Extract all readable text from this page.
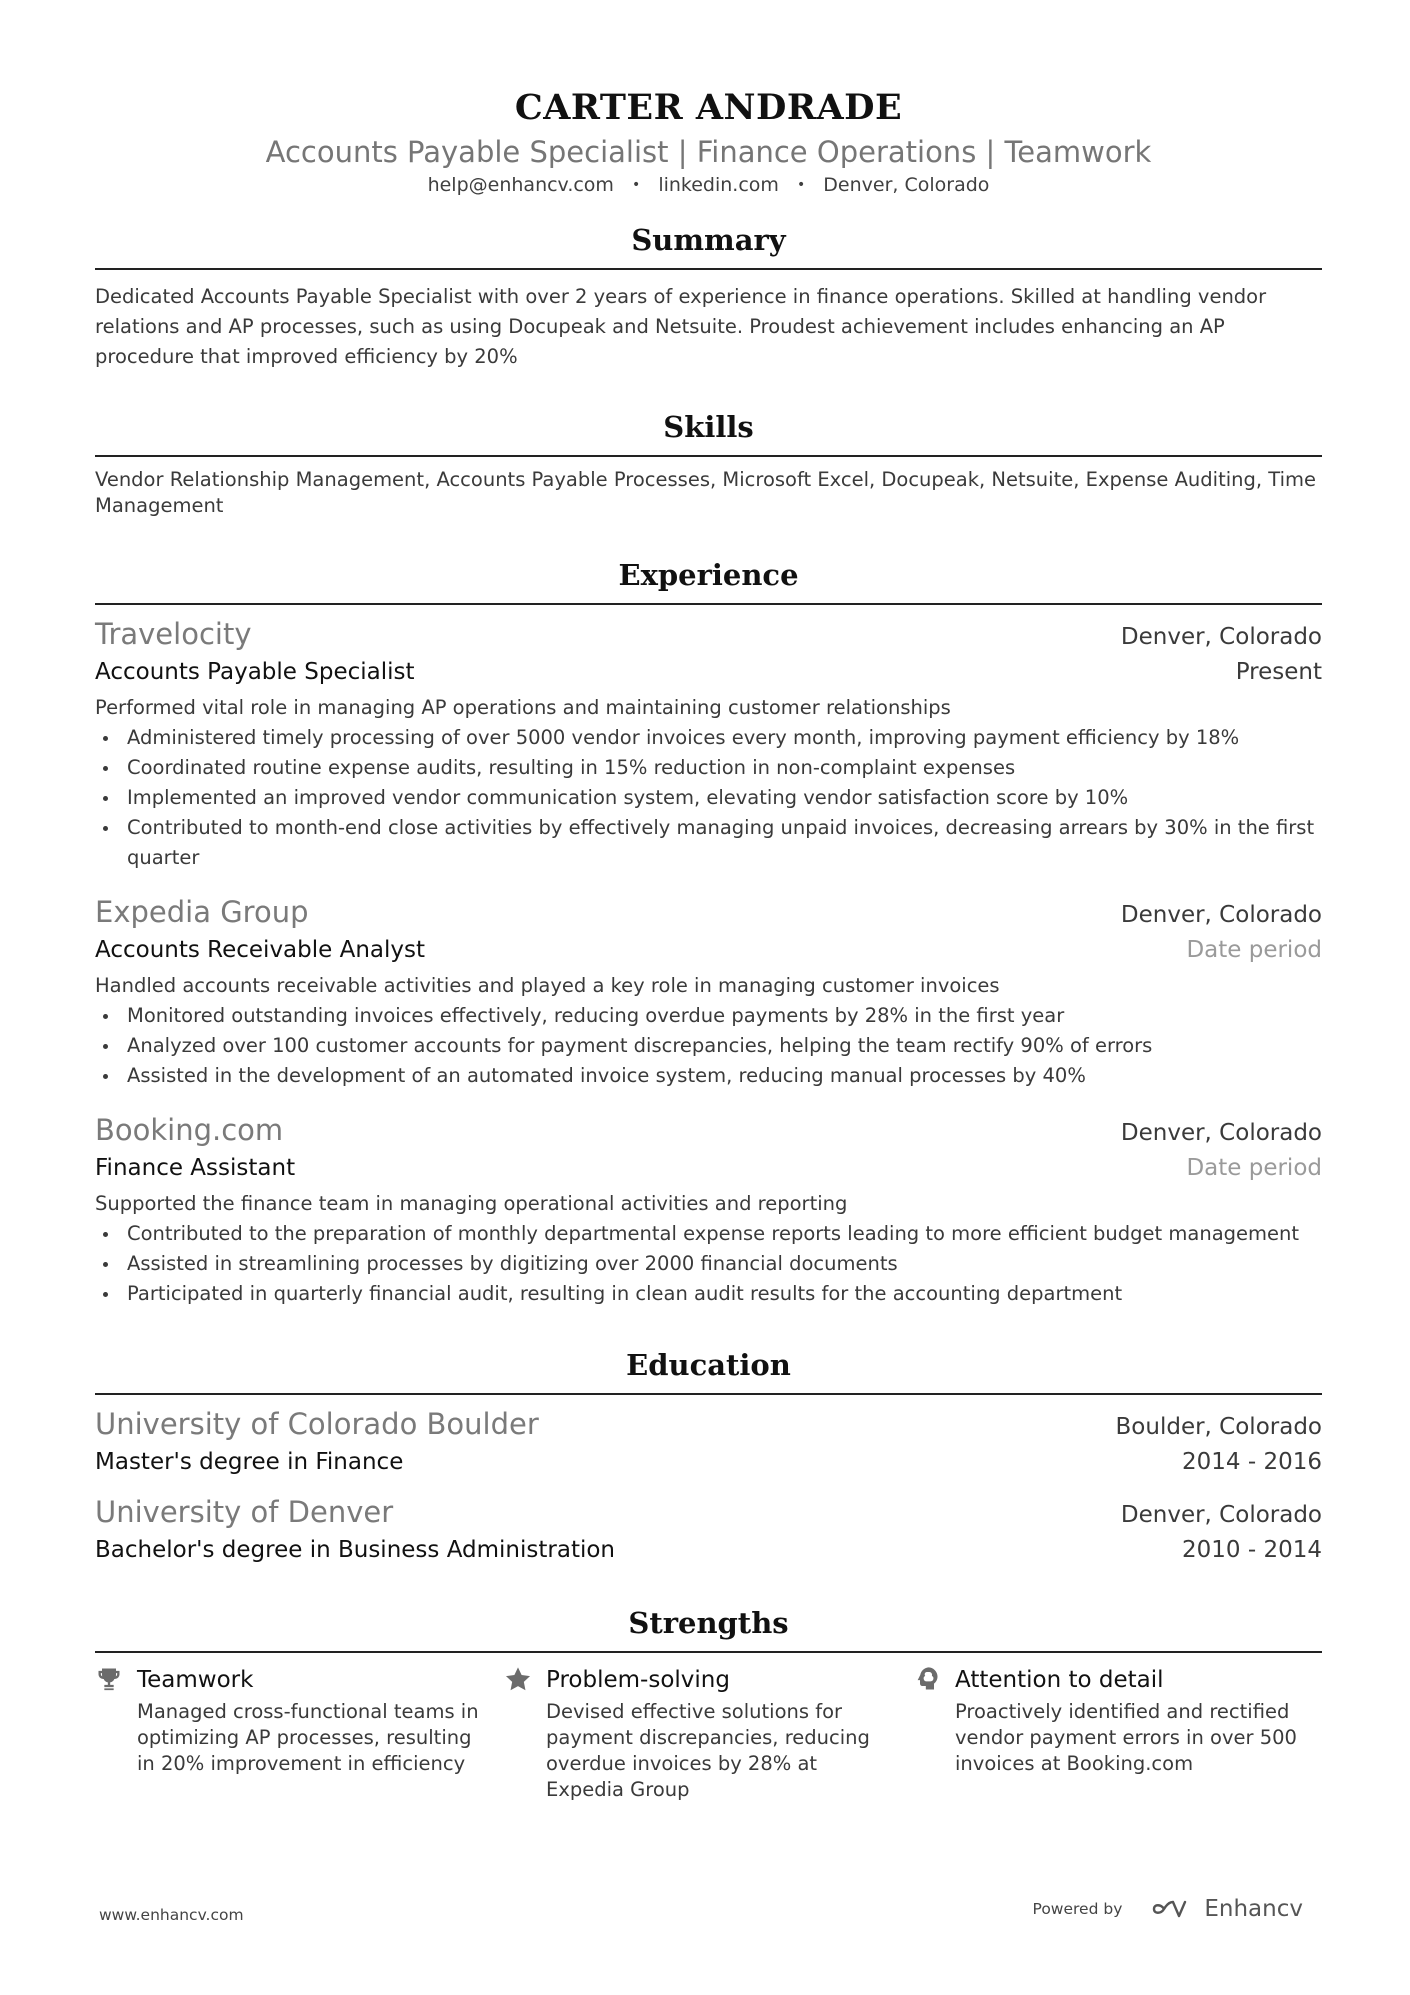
CARTER ANDRADE
Accounts Payable Specialist | Finance Operations | Teamwork
help@enhancv.com • linkedin.com • Denver, Colorado
Summary
Dedicated Accounts Payable Specialist with over 2 years of experience in finance operations. Skilled at handling vendor relations and AP processes, such as using Docupeak and Netsuite. Proudest achievement includes enhancing an AP procedure that improved efficiency by 20%
Skills
Vendor Relationship Management, Accounts Payable Processes, Microsoft Excel, Docupeak, Netsuite, Expense Auditing, Time Management
Experience
Travelocity	Denver, Colorado
Accounts Payable Specialist	Present
Performed vital role in managing AP operations and maintaining customer relationships
Administered timely processing of over 5000 vendor invoices every month, improving payment efficiency by 18%
Coordinated routine expense audits, resulting in 15% reduction in non-complaint expenses
Implemented an improved vendor communication system, elevating vendor satisfaction score by 10%
Contributed to month-end close activities by effectively managing unpaid invoices, decreasing arrears by 30% in the first quarter
Expedia Group	Denver, Colorado
Accounts Receivable Analyst	Date period
Handled accounts receivable activities and played a key role in managing customer invoices
Monitored outstanding invoices effectively, reducing overdue payments by 28% in the first year
Analyzed over 100 customer accounts for payment discrepancies, helping the team rectify 90% of errors
Assisted in the development of an automated invoice system, reducing manual processes by 40%
Booking.com	Denver, Colorado
Finance Assistant	Date period
Supported the finance team in managing operational activities and reporting
Contributed to the preparation of monthly departmental expense reports leading to more efficient budget management
Assisted in streamlining processes by digitizing over 2000 financial documents
Participated in quarterly financial audit, resulting in clean audit results for the accounting department
Education
University of Colorado Boulder	Boulder, Colorado
Master's degree in Finance	2014 - 2016
University of Denver	Denver, Colorado
Bachelor's degree in Business Administration	2010 - 2014
Strengths
Teamwork
Managed cross-functional teams in optimizing AP processes, resulting in 20% improvement in efficiency
Problem-solving
Devised effective solutions for payment discrepancies, reducing overdue invoices by 28% at Expedia Group
Attention to detail
Proactively identified and rectified vendor payment errors in over 500 invoices at Booking.com
www.enhancv.com	Powered by	Enhancv
